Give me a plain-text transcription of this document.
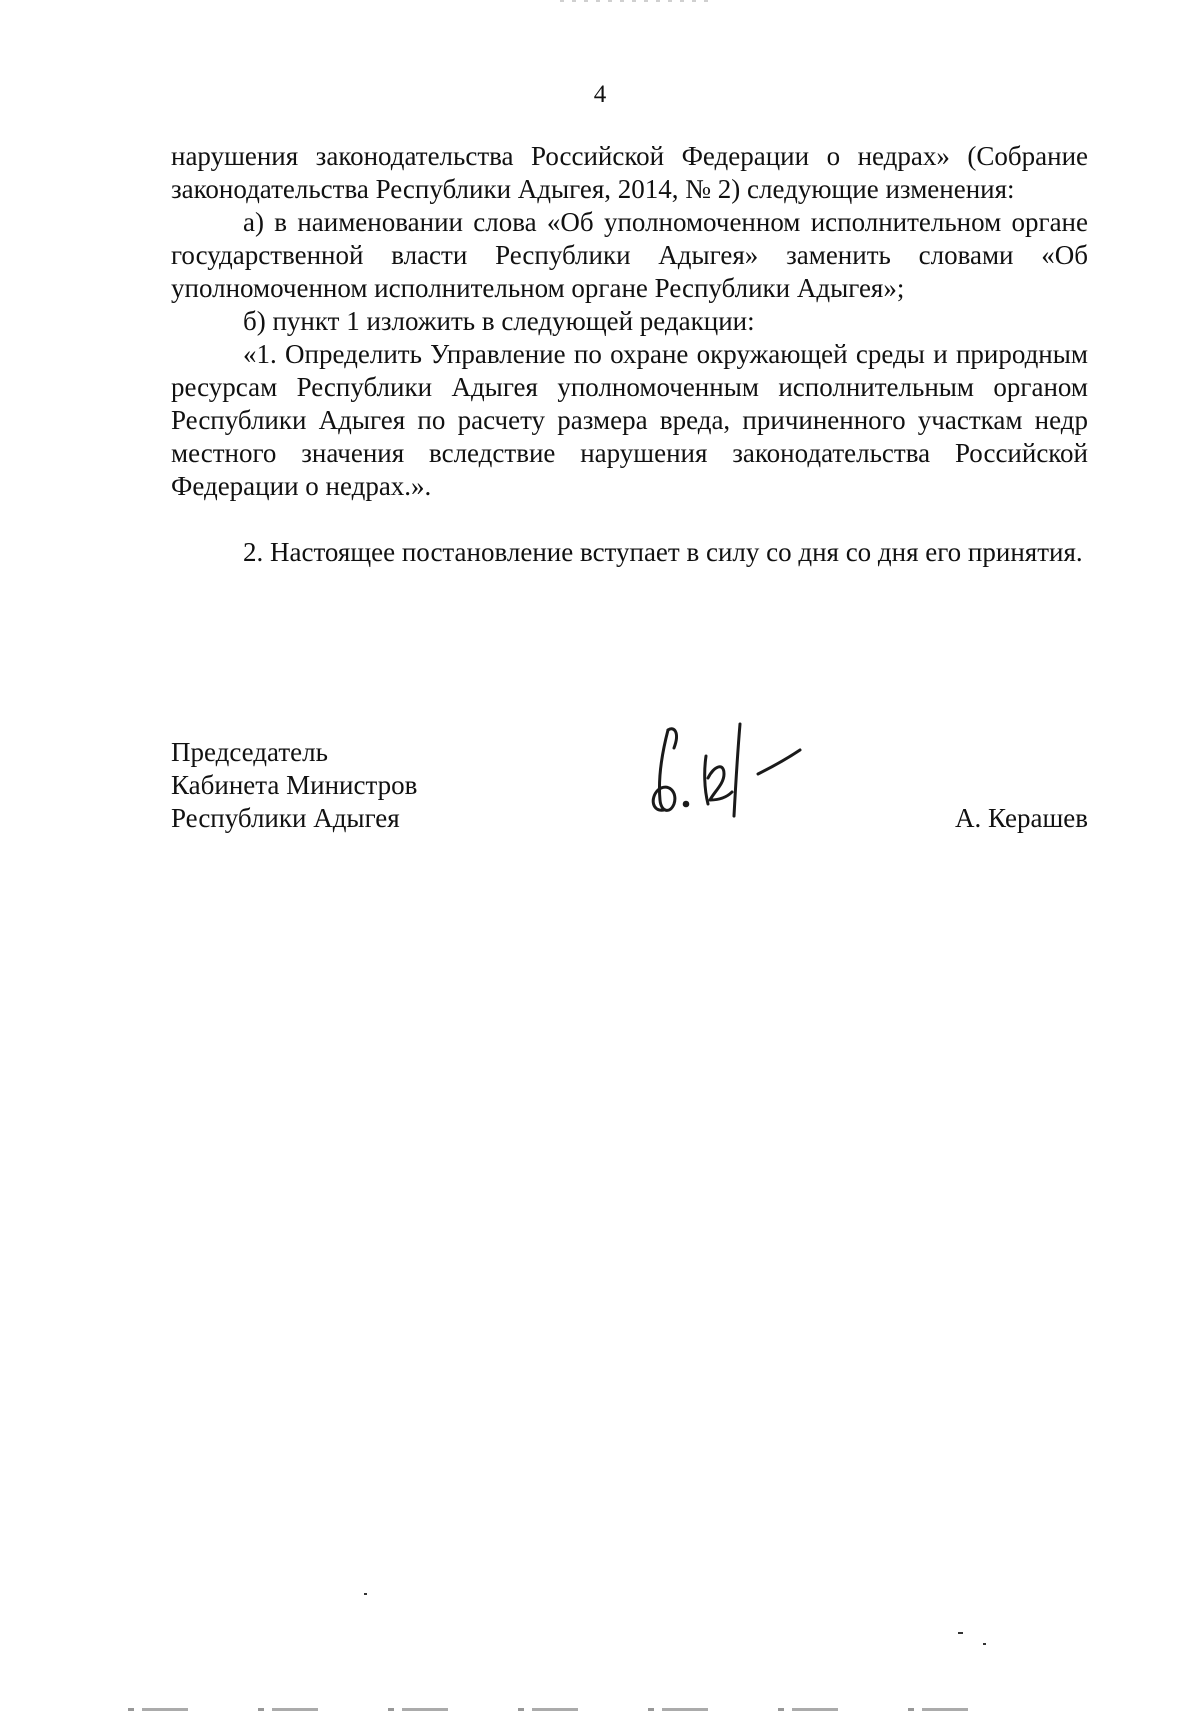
4

нарушения законодательства Российской Федерации о недрах» (Собрание законодательства Республики Адыгея, 2014, № 2) следующие изменения:

а) в наименовании слова «Об уполномоченном исполнительном органе государственной власти Республики Адыгея» заменить словами «Об уполномоченном исполнительном органе Республики Адыгея»;

б) пункт 1 изложить в следующей редакции:

«1. Определить Управление по охране окружающей среды и природным ресурсам Республики Адыгея уполномоченным исполнительным органом Республики Адыгея по расчету размера вреда, причиненного участкам недр местного значения вследствие нарушения законодательства Российской Федерации о недрах.».

2. Настоящее постановление вступает в силу со дня со дня его принятия.

Председатель
Кабинета Министров
Республики Адыгея	А. Керашев
